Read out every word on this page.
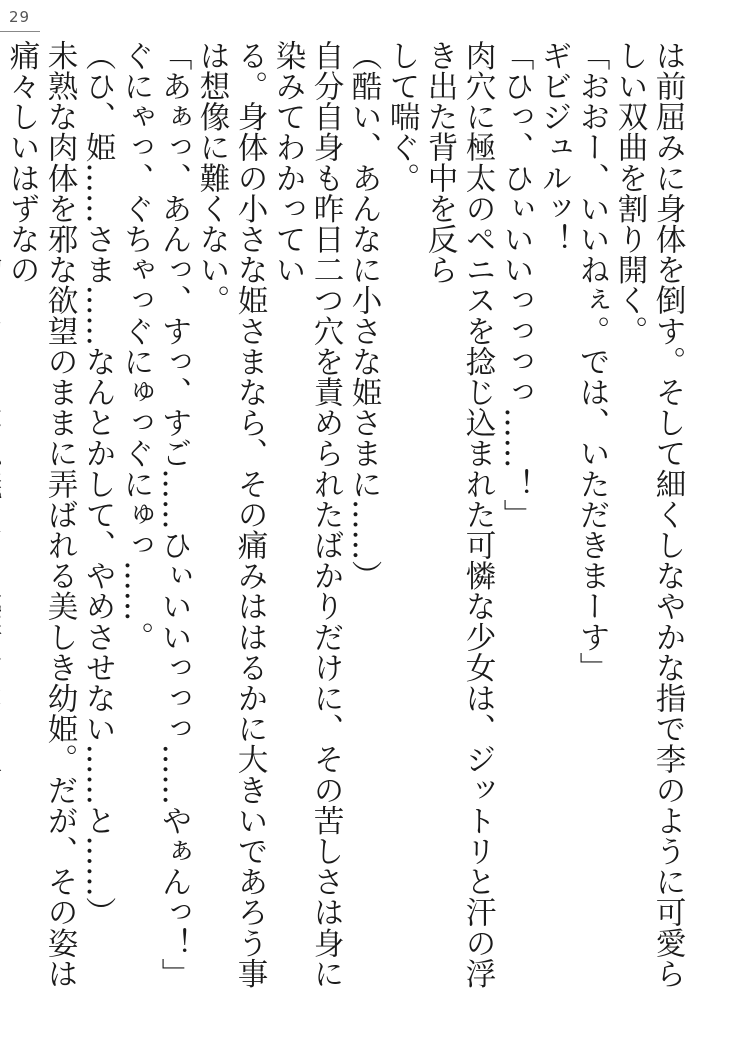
29

は前屈みに身体を倒す。そして細くしなやかな指で李のように可愛らしい双曲を割り開く。

「おおー、いいねぇ。では、いただきまーす」

ギビジュルッ！

「ひっ、ひぃいいっっっっ……！」

肉穴に極太のペニスを捻じ込まれた可憐な少女は、ジットリと汗の浮き出た背中を反ら

して喘ぐ。

（酷い、あんなに小さな姫さまに……）

自分自身も昨日二つ穴を責められたばかりだけに、その苦しさは身に染みてわかってい

る。身体の小さな姫さまなら、その痛みははるかに大きいであろう事は想像に難くない。

「あぁっ、あんっ、すっ、すご……ひぃいいっっっ……やぁんっ！」

ぐにゃっ、ぐちゃっぐにゅっぐにゅっ……。

（ひ、姫……さま……なんとかして、やめさせない……と……）

未熟な肉体を邪な欲望のままに弄ばれる美しき幼姫。だが、その姿は痛々しいはずなの
